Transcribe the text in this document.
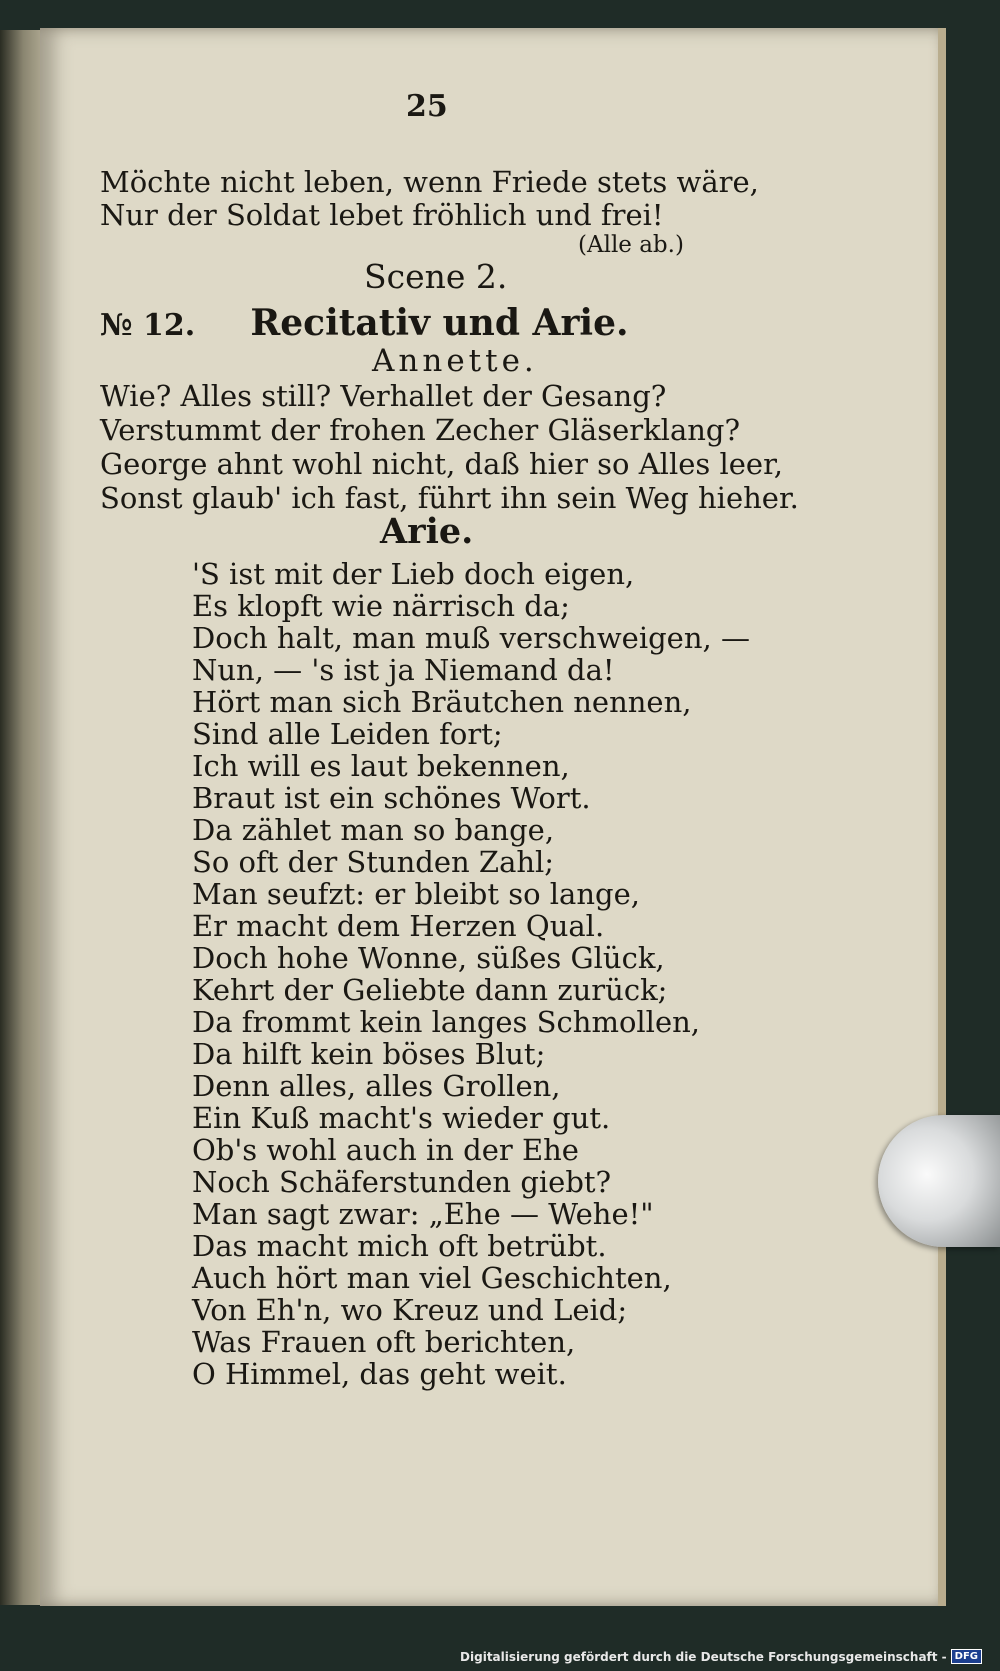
25
Möchte nicht leben, wenn Friede stets wäre,
Nur der Soldat lebet fröhlich und frei!
(Alle ab.)
Scene 2.
№ 12. Recitativ und Arie.
Annette.
Wie? Alles still? Verhallet der Gesang?
Verstummt der frohen Zecher Gläserklang?
George ahnt wohl nicht, daß hier so Alles leer,
Sonst glaub' ich fast, führt ihn sein Weg hieher.
Arie.
'S ist mit der Lieb doch eigen,
Es klopft wie närrisch da;
Doch halt, man muß verschweigen, —
Nun, — 's ist ja Niemand da!
Hört man sich Bräutchen nennen,
Sind alle Leiden fort;
Ich will es laut bekennen,
Braut ist ein schönes Wort.
Da zählet man so bange,
So oft der Stunden Zahl;
Man seufzt: er bleibt so lange,
Er macht dem Herzen Qual.
Doch hohe Wonne, süßes Glück,
Kehrt der Geliebte dann zurück;
Da frommt kein langes Schmollen,
Da hilft kein böses Blut;
Denn alles, alles Grollen,
Ein Kuß macht's wieder gut.
Ob's wohl auch in der Ehe
Noch Schäferstunden giebt?
Man sagt zwar: „Ehe — Wehe!"
Das macht mich oft betrübt.
Auch hört man viel Geschichten,
Von Eh'n, wo Kreuz und Leid;
Was Frauen oft berichten,
O Himmel, das geht weit.
Digitalisierung gefördert durch die Deutsche Forschungsgemeinschaft - DFG
